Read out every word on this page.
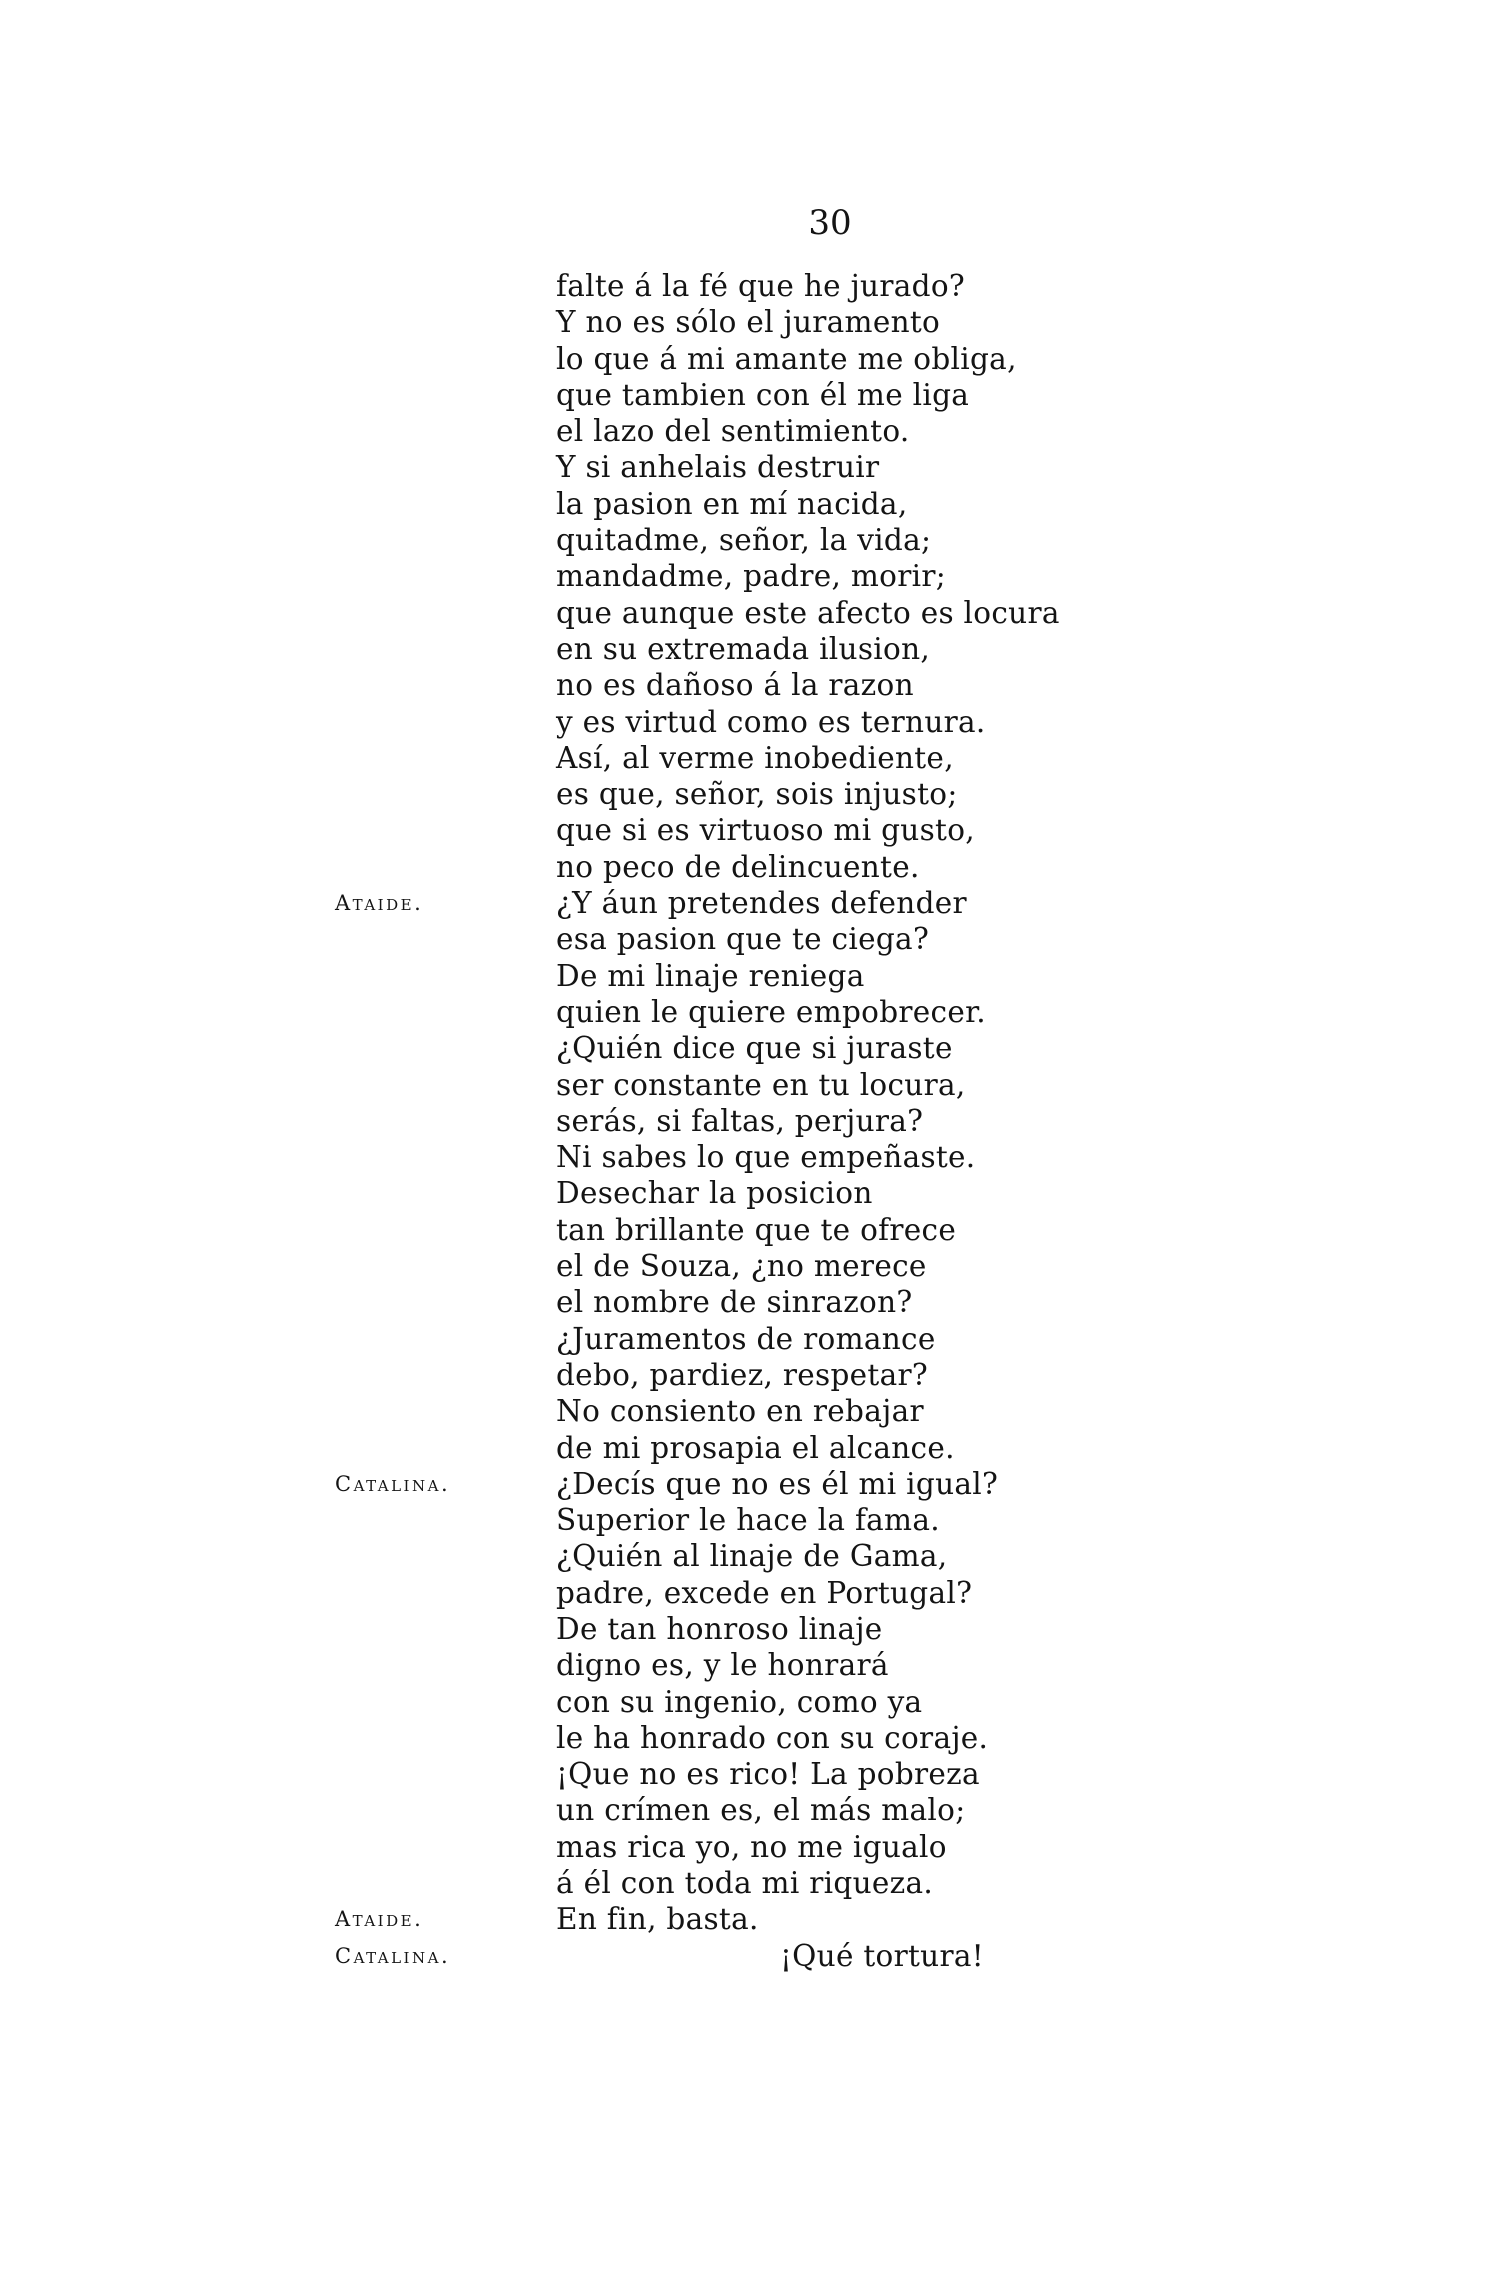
30
falte á la fé que he jurado?
Y no es sólo el juramento
lo que á mi amante me obliga,
que tambien con él me liga
el lazo del sentimiento.
Y si anhelais destruir
la pasion en mí nacida,
quitadme, señor, la vida;
mandadme, padre, morir;
que aunque este afecto es locura
en su extremada ilusion,
no es dañoso á la razon
y es virtud como es ternura.
Así, al verme inobediente,
es que, señor, sois injusto;
que si es virtuoso mi gusto,
no peco de delincuente.
Ataide.	¿Y áun pretendes defender
esa pasion que te ciega?
De mi linaje reniega
quien le quiere empobrecer.
¿Quién dice que si juraste
ser constante en tu locura,
serás, si faltas, perjura?
Ni sabes lo que empeñaste.
Desechar la posicion
tan brillante que te ofrece
el de Souza, ¿no merece
el nombre de sinrazon?
¿Juramentos de romance
debo, pardiez, respetar?
No consiento en rebajar
de mi prosapia el alcance.
Catalina.	¿Decís que no es él mi igual?
Superior le hace la fama.
¿Quién al linaje de Gama,
padre, excede en Portugal?
De tan honroso linaje
digno es, y le honrará
con su ingenio, como ya
le ha honrado con su coraje.
¡Que no es rico! La pobreza
un crímen es, el más malo;
mas rica yo, no me igualo
á él con toda mi riqueza.
Ataide.	En fin, basta.
Catalina.	¡Qué tortura!
